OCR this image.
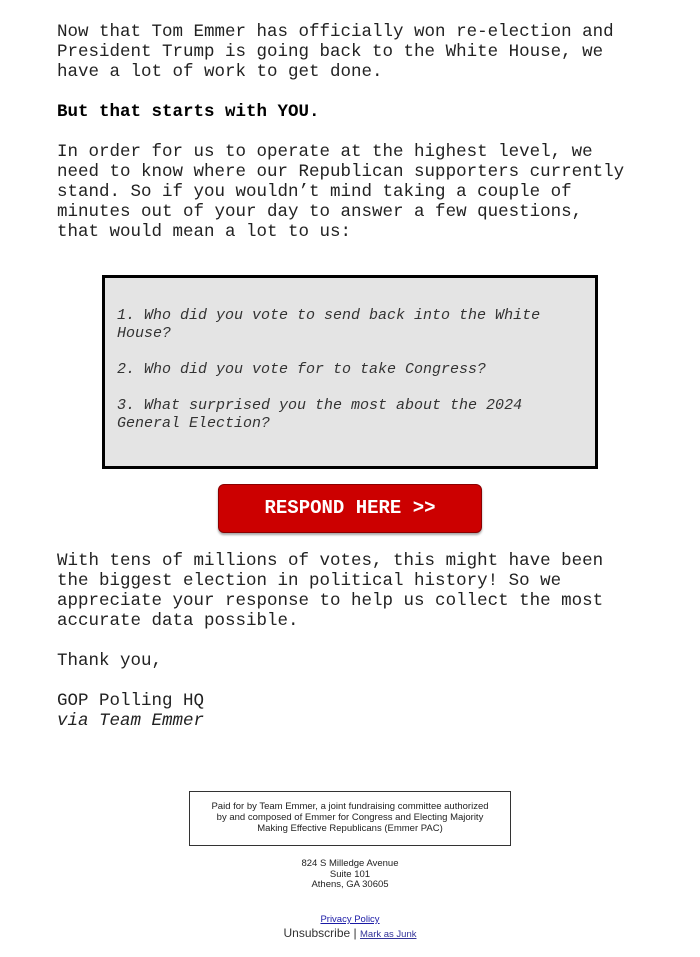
Now that Tom Emmer has officially won re-election and
President Trump is going back to the White House, we
have a lot of work to get done.

But that starts with YOU.

In order for us to operate at the highest level, we
need to know where our Republican supporters currently
stand. So if you wouldn’t mind taking a couple of
minutes out of your day to answer a few questions,
that would mean a lot to us:

1. Who did you vote to send back into the White
House?

2. Who did you vote for to take Congress?

3. What surprised you the most about the 2024
General Election?

RESPOND HERE >>

With tens of millions of votes, this might have been
the biggest election in political history! So we
appreciate your response to help us collect the most
accurate data possible.

Thank you,

GOP Polling HQ

via Team Emmer

Paid for by Team Emmer, a joint fundraising committee authorized
by and composed of Emmer for Congress and Electing Majority
Making Effective Republicans (Emmer PAC)
824 S Milledge Avenue
Suite 101
Athens, GA 30605
Privacy Policy
Unsubscribe | Mark as Junk
